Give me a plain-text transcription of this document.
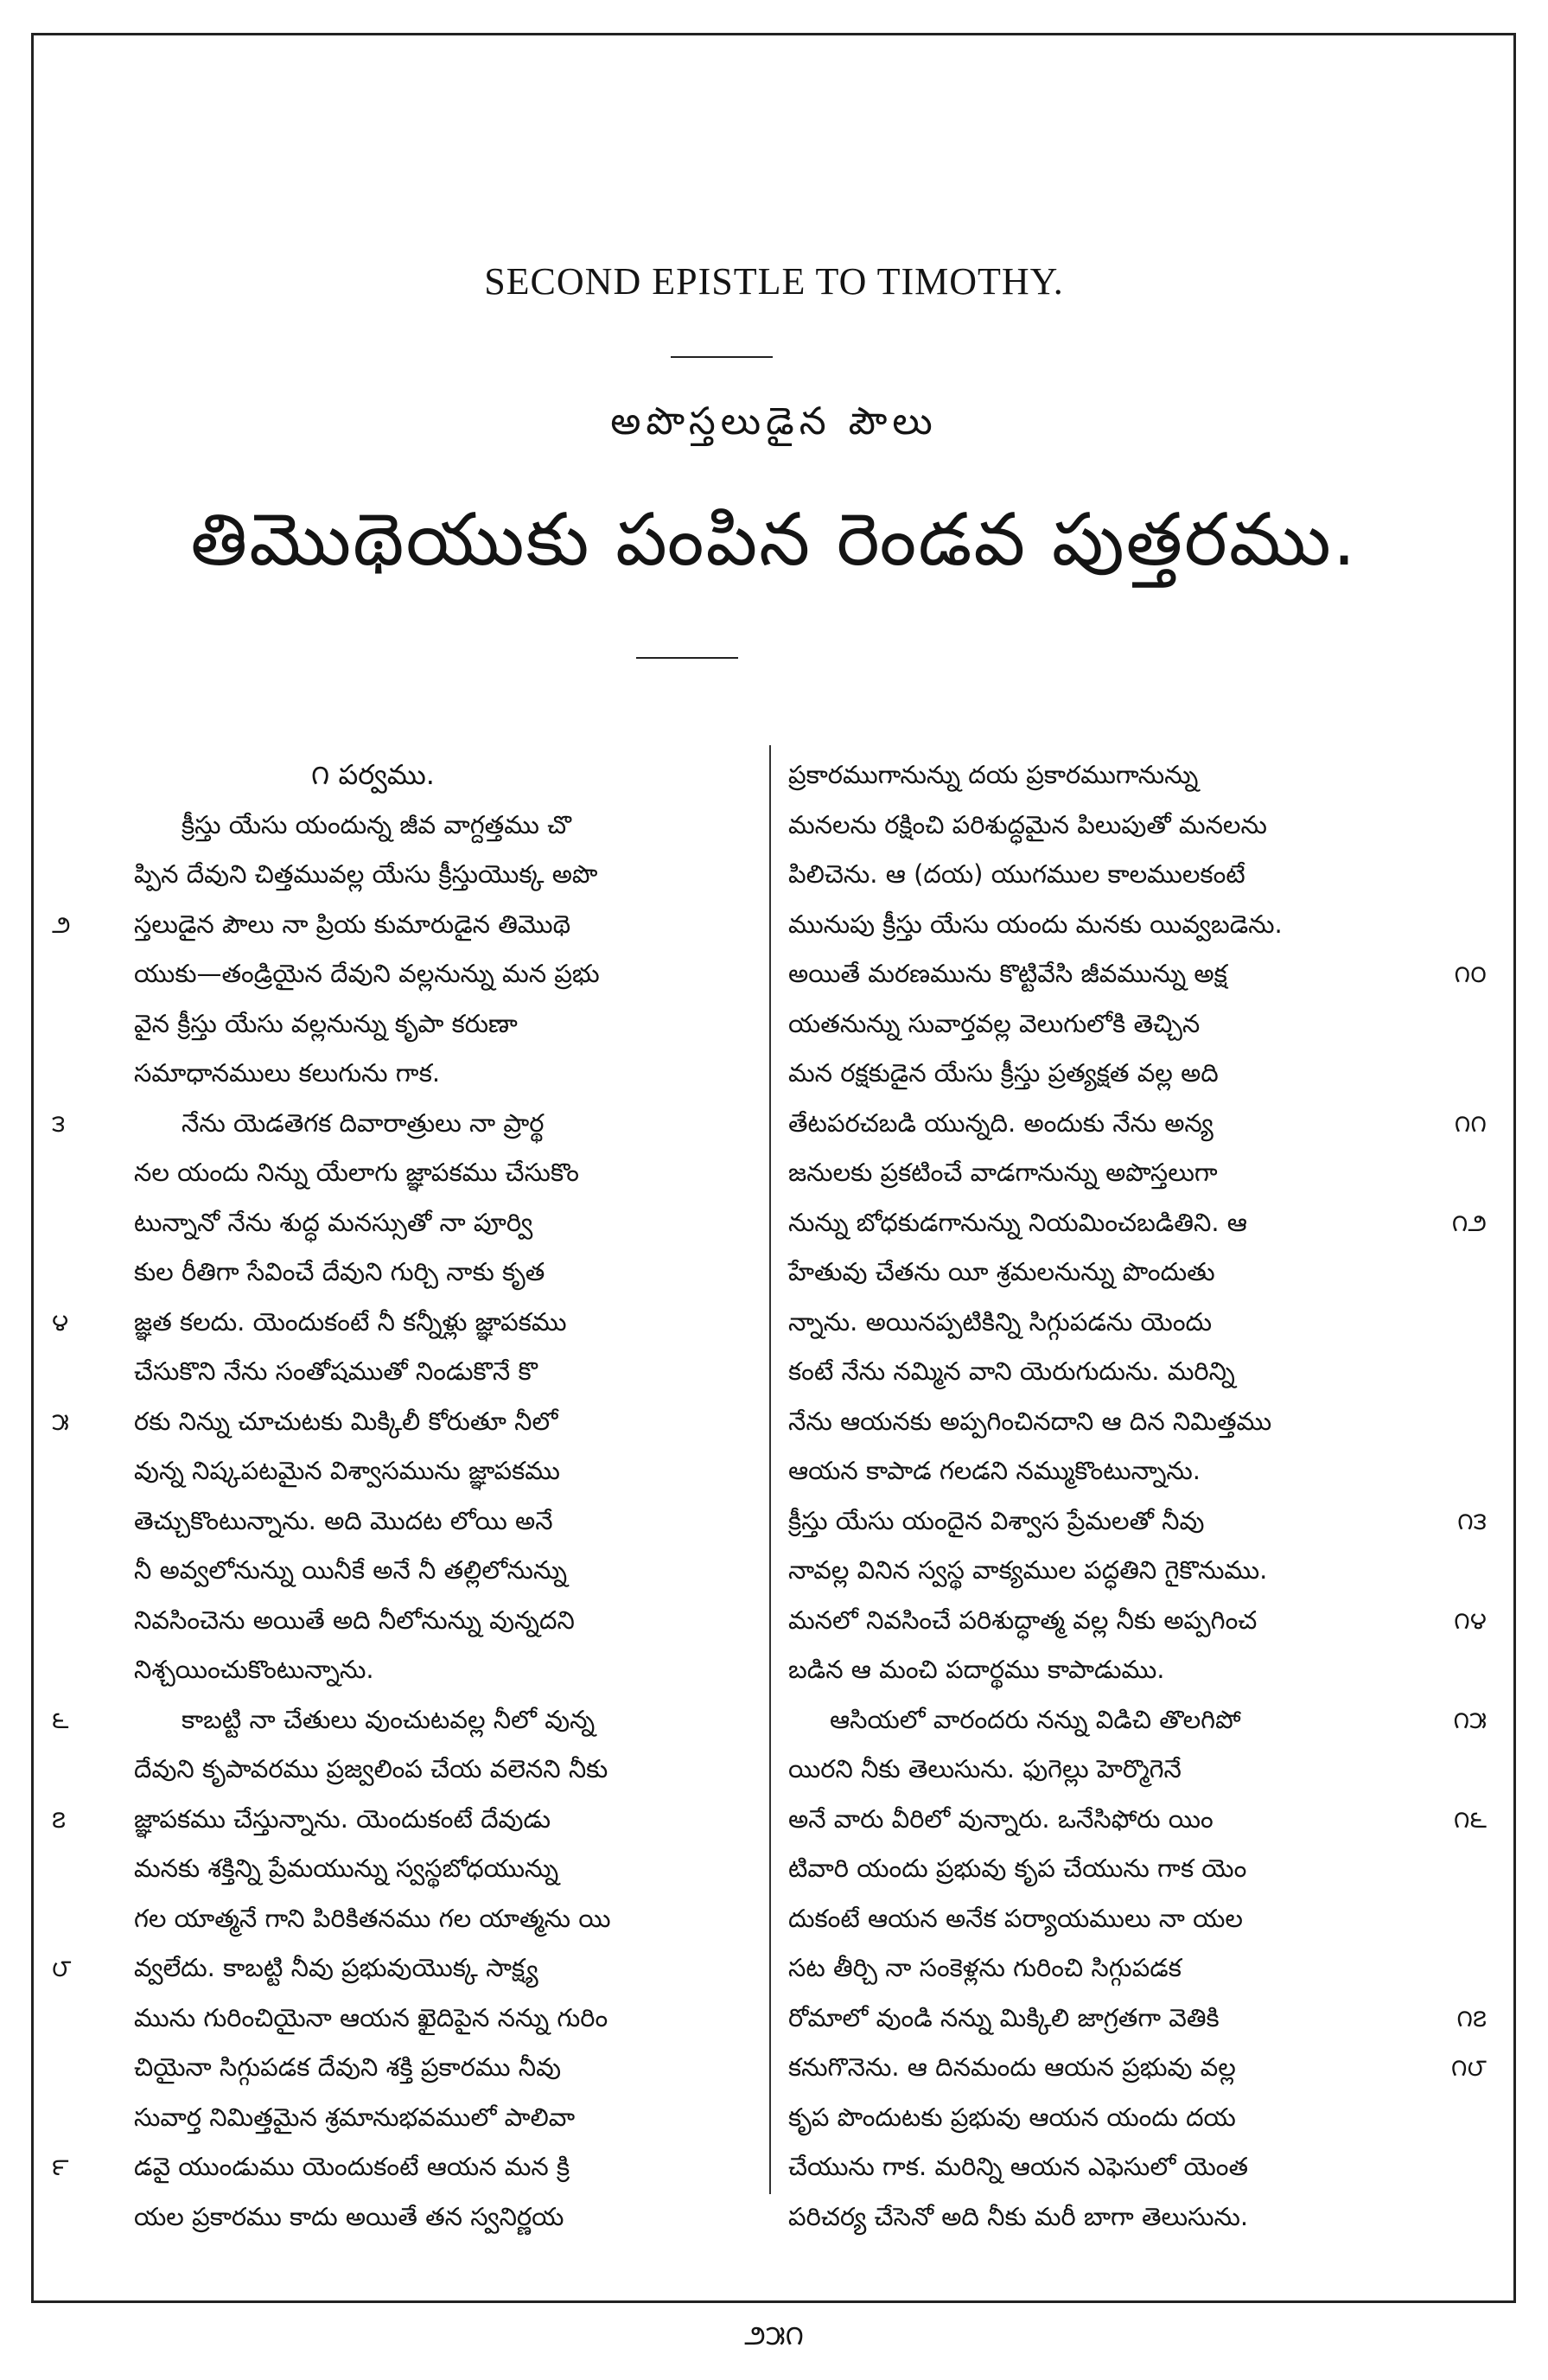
SECOND EPISTLE TO TIMOTHY.
అపొస్తలుడైన పౌలు
తిమొథెయుకు పంపిన రెండవ పుత్తరము.
౧ పర్వము.
క్రీస్తు యేసు యందున్న జీవ వాగ్దత్తము చొ
ప్పిన దేవుని చిత్తమువల్ల యేసు క్రీస్తుయొక్క అపొ
౨	స్తలుడైన పౌలు నా ప్రియ కుమారుడైన తిమొథె
యుకు—తండ్రియైన దేవుని వల్లనున్ను మన ప్రభు
వైన క్రీస్తు యేసు వల్లనున్ను కృపా కరుణా
సమాధానములు కలుగును గాక.
౩	నేను యెడతెగక దివారాత్రులు నా ప్రార్థ
నల యందు నిన్ను యేలాగు జ్ఞాపకము చేసుకొం
టున్నానో నేను శుద్ధ మనస్సుతో నా పూర్వి
కుల రీతిగా సేవించే దేవుని గుర్చి నాకు కృత
౪	జ్ఞత కలదు. యెందుకంటే నీ కన్నీళ్లు జ్ఞాపకము
చేసుకొని నేను సంతోషముతో నిండుకొనే కొ
౫	రకు నిన్ను చూచుటకు మిక్కిలీ కోరుతూ నీలో
వున్న నిష్కపటమైన విశ్వాసమును జ్ఞాపకము
తెచ్చుకొంటున్నాను. అది మొదట లోయి అనే
నీ అవ్వలోనున్ను యినీకే అనే నీ తల్లిలోనున్ను
నివసించెను అయితే అది నీలోనున్ను వున్నదని
నిశ్చయించుకొంటున్నాను.
౬	కాబట్టి నా చేతులు వుంచుటవల్ల నీలో వున్న
దేవుని కృపావరము ప్రజ్వలింప చేయ వలెనని నీకు
౭	జ్ఞాపకము చేస్తున్నాను. యెందుకంటే దేవుడు
మనకు శక్తిన్ని ప్రేమయున్ను స్వస్థబోధయున్ను
గల యాత్మనే గాని పిరికితనము గల యాత్మను యి
౮	వ్వలేదు. కాబట్టి నీవు ప్రభువుయొక్క సాక్ష్య
మును గురించియైనా ఆయన ఖైదిపైన నన్ను గురిం
చియైనా సిగ్గుపడక దేవుని శక్తి ప్రకారము నీవు
సువార్త నిమిత్తమైన శ్రమానుభవములో పాలివా
౯	డవై యుండుము యెందుకంటే ఆయన మన క్రి
యల ప్రకారము కాదు అయితే తన స్వనిర్ణయ
ప్రకారముగానున్ను దయ ప్రకారముగానున్ను
మనలను రక్షించి పరిశుద్ధమైన పిలుపుతో మనలను
పిలిచెను. ఆ (దయ) యుగముల కాలములకంటే
మునుపు క్రీస్తు యేసు యందు మనకు యివ్వబడెను.
౧౦
అయితే మరణమును కొట్టివేసి జీవమున్ను అక్ష
యతనున్ను సువార్తవల్ల వెలుగులోకి తెచ్చిన
మన రక్షకుడైన యేసు క్రీస్తు ప్రత్యక్షత వల్ల అది
౧౧
తేటపరచబడి యున్నది. అందుకు నేను అన్య
జనులకు ప్రకటించే వాడగానున్ను అపొస్తలుగా
౧౨
నున్ను బోధకుడగానున్ను నియమించబడితిని. ఆ
హేతువు చేతను యీ శ్రమలనున్ను పొందుతు
న్నాను. అయినప్పటికిన్ని సిగ్గుపడను యెందు
కంటే నేను నమ్మిన వాని యెరుగుదును. మరిన్ని
నేను ఆయనకు అప్పగించినదాని ఆ దిన నిమిత్తము
ఆయన కాపాడ గలడని నమ్ముకొంటున్నాను.
౧౩
క్రీస్తు యేసు యందైన విశ్వాస ప్రేమలతో నీవు
నావల్ల వినిన స్వస్థ వాక్యముల పద్ధతిని గైకొనుము.
౧౪
మనలో నివసించే పరిశుద్ధాత్మ వల్ల నీకు అప్పగించ
బడిన ఆ మంచి పదార్థము కాపాడుము.
౧౫
ఆసియలో వారందరు నన్ను విడిచి తొలగిపో
యిరని నీకు తెలుసును. ఫుగెల్లు హెర్మొగెనే
౧౬
అనే వారు వీరిలో వున్నారు. ఒనేసిఫోరు యిం
టివారి యందు ప్రభువు కృప చేయును గాక యెం
దుకంటే ఆయన అనేక పర్యాయములు నా యల
సట తీర్చి నా సంకెళ్లను గురించి సిగ్గుపడక
౧౭
రోమాలో వుండి నన్ను మిక్కిలి జాగ్రతగా వెతికి
౧౮
కనుగొనెను. ఆ దినమందు ఆయన ప్రభువు వల్ల
కృప పొందుటకు ప్రభువు ఆయన యందు దయ
చేయును గాక. మరిన్ని ఆయన ఎఫెసులో యెంత
పరిచర్య చేసెనో అది నీకు మరీ బాగా తెలుసును.
౨౫౧
